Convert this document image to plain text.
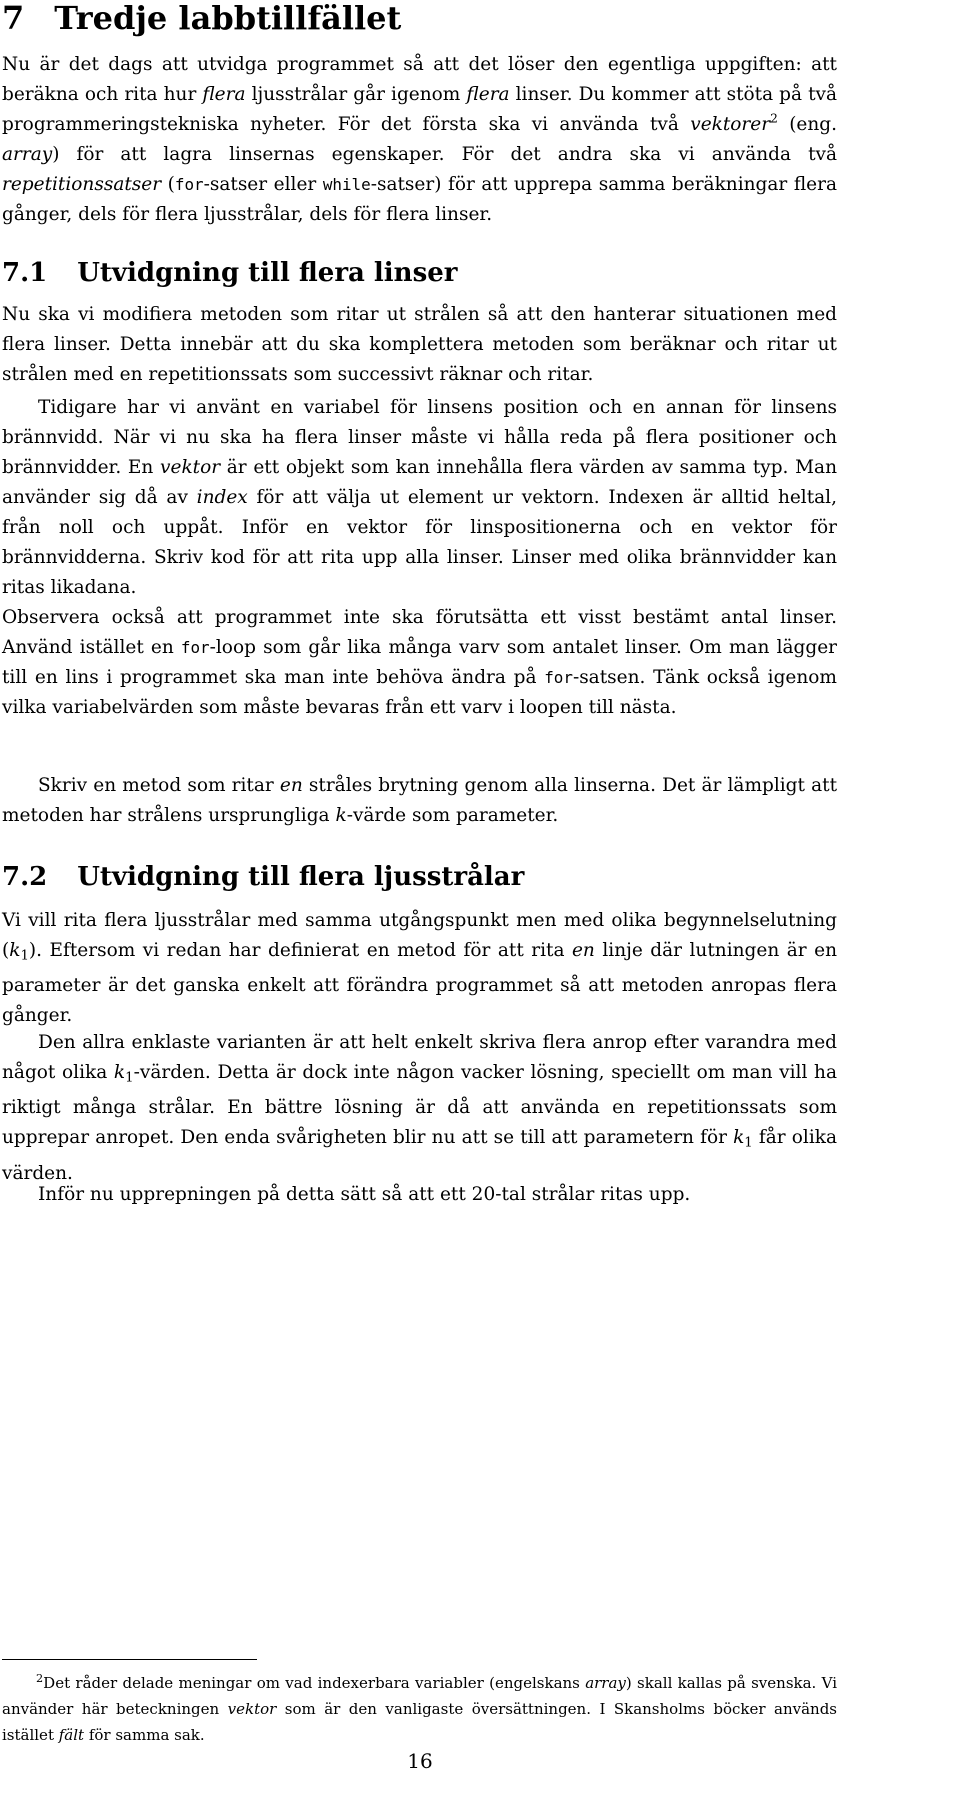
7 Tredje labbtillfället

Nu är det dags att utvidga programmet så att det löser den egentliga uppgiften: att beräkna och rita hur flera ljusstrålar går igenom flera linser. Du kommer att stöta på två programmeringstekniska nyheter. För det första ska vi använda två vektorer$^2$ (eng. array) för att lagra linsernas egenskaper. För det andra ska vi använda två repetitionssatser (for-satser eller while-satser) för att upprepa samma beräkningar flera gånger, dels för flera ljusstrålar, dels för flera linser.

7.1 Utvidgning till flera linser

Nu ska vi modifiera metoden som ritar ut strålen så att den hanterar situationen med flera linser. Detta innebär att du ska komplettera metoden som beräknar och ritar ut strålen med en repetitionssats som successivt räknar och ritar.

Tidigare har vi använt en variabel för linsens position och en annan för linsens brännvidd. När vi nu ska ha flera linser måste vi hålla reda på flera positioner och brännvidder. En vektor är ett objekt som kan innehålla flera värden av samma typ. Man använder sig då av index för att välja ut element ur vektorn. Indexen är alltid heltal, från noll och uppåt. Inför en vektor för linspositionerna och en vektor för brännvidderna. Skriv kod för att rita upp alla linser. Linser med olika brännvidder kan ritas likadana.

Observera också att programmet inte ska förutsätta ett visst bestämt antal linser. Använd istället en for-loop som går lika många varv som antalet linser. Om man lägger till en lins i programmet ska man inte behöva ändra på for-satsen. Tänk också igenom vilka variabelvärden som måste bevaras från ett varv i loopen till nästa.

Skriv en metod som ritar en stråles brytning genom alla linserna. Det är lämpligt att metoden har strålens ursprungliga k-värde som parameter.

7.2 Utvidgning till flera ljusstrålar

Vi vill rita flera ljusstrålar med samma utgångspunkt men med olika begynnelselutning $(k_1)$. Eftersom vi redan har definierat en metod för att rita en linje där lutningen är en parameter är det ganska enkelt att förändra programmet så att metoden anropas flera gånger.

Den allra enklaste varianten är att helt enkelt skriva flera anrop efter varandra med något olika $k_1$-värden. Detta är dock inte någon vacker lösning, speciellt om man vill ha riktigt många strålar. En bättre lösning är då att använda en repetitionssats som upprepar anropet. Den enda svårigheten blir nu att se till att parametern för $k_1$ får olika värden.

Inför nu upprepningen på detta sätt så att ett 20-tal strålar ritas upp.

$^2$Det råder delade meningar om vad indexerbara variabler (engelskans array) skall kallas på svenska. Vi använder här beteckningen vektor som är den vanligaste översättningen. I Skansholms böcker används istället fält för samma sak.

16
